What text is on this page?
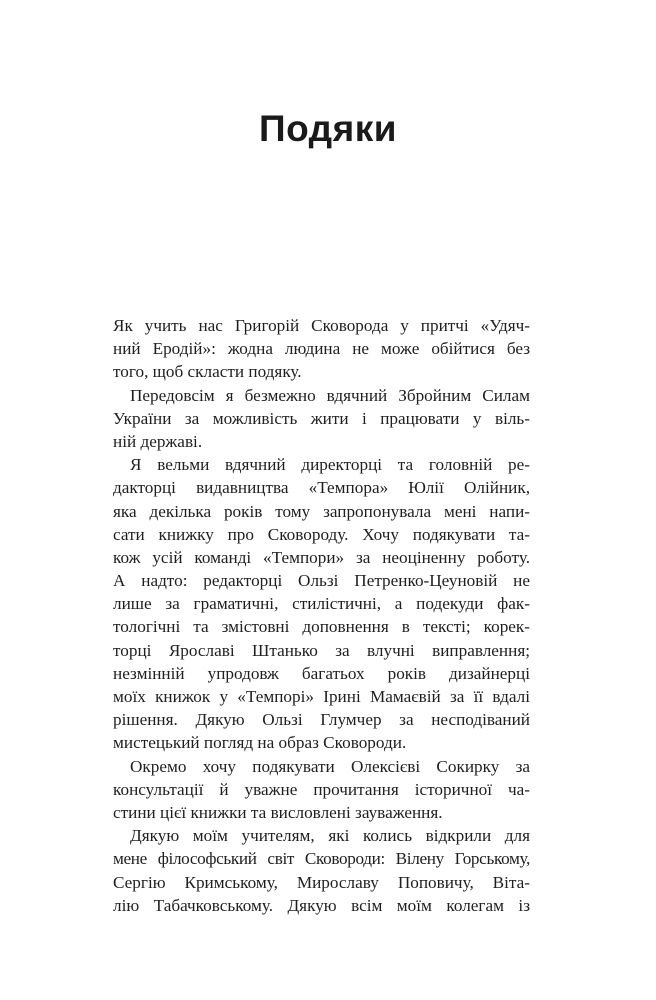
Подяки
Як учить нас Григорій Сковорода у притчі «Удяч-
ний Еродій»: жодна людина не може обійтися без
того, щоб скласти подяку.
Передовсім я безмежно вдячний Збройним Силам
України за можливість жити і працювати у віль-
ній державі.
Я вельми вдячний директорці та головній ре-
дакторці видавництва «Темпора» Юлії Олійник,
яка декілька років тому запропонувала мені напи-
сати книжку про Сковороду. Хочу подякувати та-
кож усій команді «Темпори» за неоціненну роботу.
А надто: редакторці Ользі Петренко-Цеуновій не
лише за граматичні, стилістичні, а подекуди фак-
тологічні та змістовні доповнення в тексті; корек-
торці Ярославі Штанько за влучні виправлення;
незмінній упродовж багатьох років дизайнерці
моїх книжок у «Темпорі» Ірині Мамаєвій за її вдалі
рішення. Дякую Ользі Глумчер за несподіваний
мистецький погляд на образ Сковороди.
Окремо хочу подякувати Олексієві Сокирку за
консультації й уважне прочитання історичної ча-
стини цієї книжки та висловлені зауваження.
Дякую моїм учителям, які колись відкрили для
мене філософський світ Сковороди: Вілену Горському,
Сергію Кримському, Мирославу Поповичу, Віта-
лію Табачковському. Дякую всім моїм колегам із
